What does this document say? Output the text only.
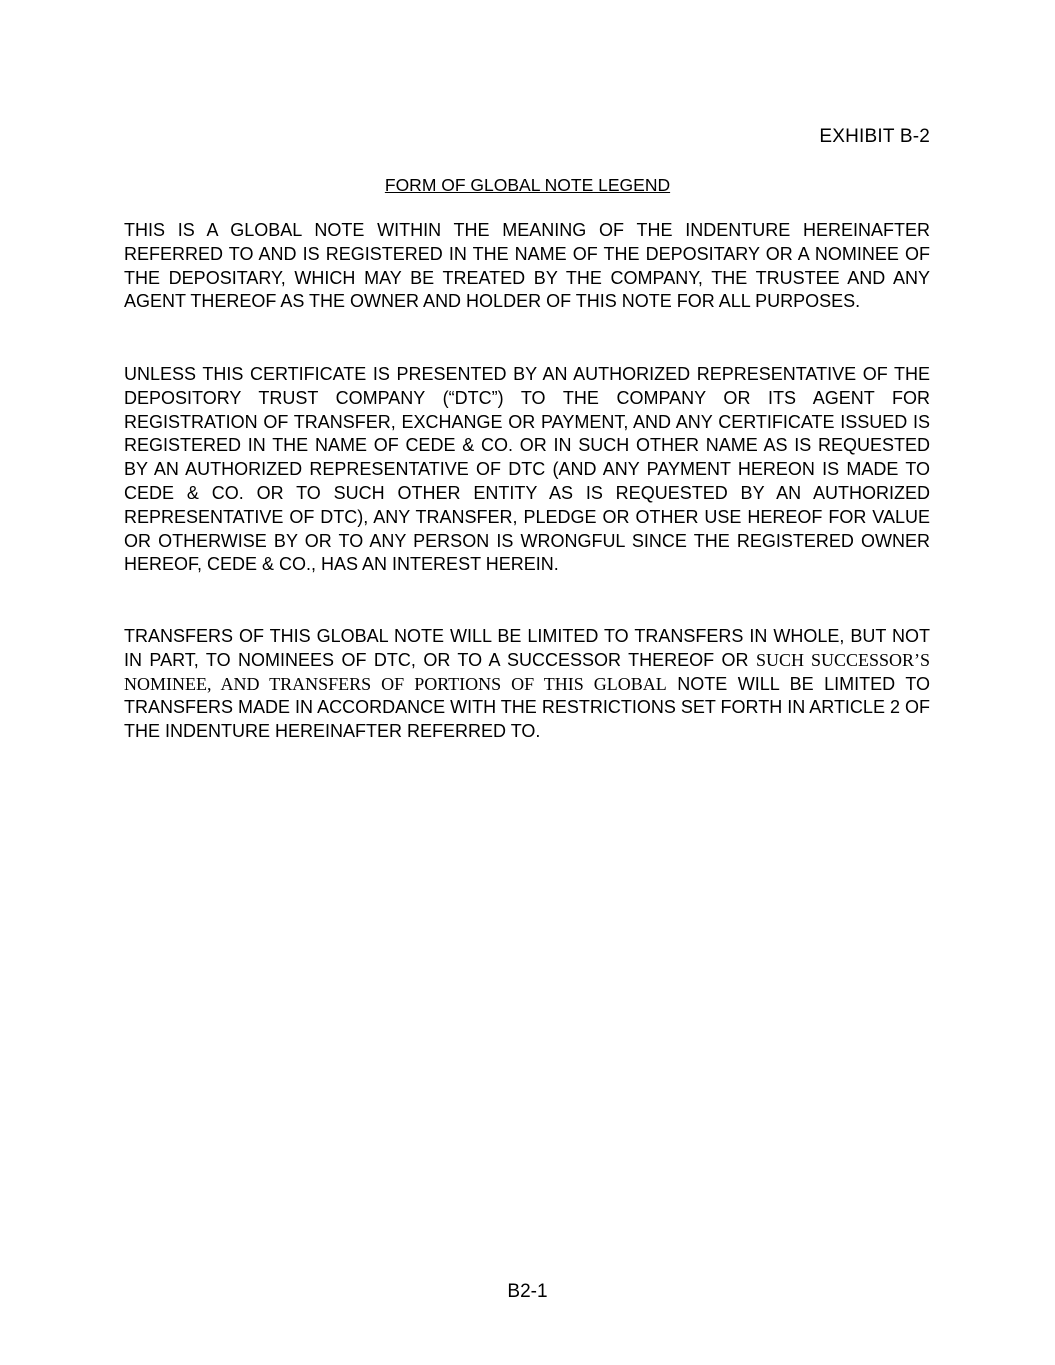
EXHIBIT B-2
FORM OF GLOBAL NOTE LEGEND

THIS IS A GLOBAL NOTE WITHIN THE MEANING OF THE INDENTURE HEREINAFTER REFERRED TO AND IS REGISTERED IN THE NAME OF THE DEPOSITARY OR A NOMINEE OF THE DEPOSITARY, WHICH MAY BE TREATED BY THE COMPANY, THE TRUSTEE AND ANY AGENT THEREOF AS THE OWNER AND HOLDER OF THIS NOTE FOR ALL PURPOSES.

UNLESS THIS CERTIFICATE IS PRESENTED BY AN AUTHORIZED REPRESENTATIVE OF THE DEPOSITORY TRUST COMPANY (“DTC”) TO THE COMPANY OR ITS AGENT FOR REGISTRATION OF TRANSFER, EXCHANGE OR PAYMENT, AND ANY CERTIFICATE ISSUED IS REGISTERED IN THE NAME OF CEDE & CO. OR IN SUCH OTHER NAME AS IS REQUESTED BY AN AUTHORIZED REPRESENTATIVE OF DTC (AND ANY PAYMENT HEREON IS MADE TO CEDE & CO. OR TO SUCH OTHER ENTITY AS IS REQUESTED BY AN AUTHORIZED REPRESENTATIVE OF DTC), ANY TRANSFER, PLEDGE OR OTHER USE HEREOF FOR VALUE OR OTHERWISE BY OR TO ANY PERSON IS WRONGFUL SINCE THE REGISTERED OWNER HEREOF, CEDE & CO., HAS AN INTEREST HEREIN.

TRANSFERS OF THIS GLOBAL NOTE WILL BE LIMITED TO TRANSFERS IN WHOLE, BUT NOT IN PART, TO NOMINEES OF DTC, OR TO A SUCCESSOR THEREOF OR SUCH SUCCESSOR’S NOMINEE, AND TRANSFERS OF PORTIONS OF THIS GLOBAL NOTE WILL BE LIMITED TO TRANSFERS MADE IN ACCORDANCE WITH THE RESTRICTIONS SET FORTH IN ARTICLE 2 OF THE INDENTURE HEREINAFTER REFERRED TO.

B2-1
